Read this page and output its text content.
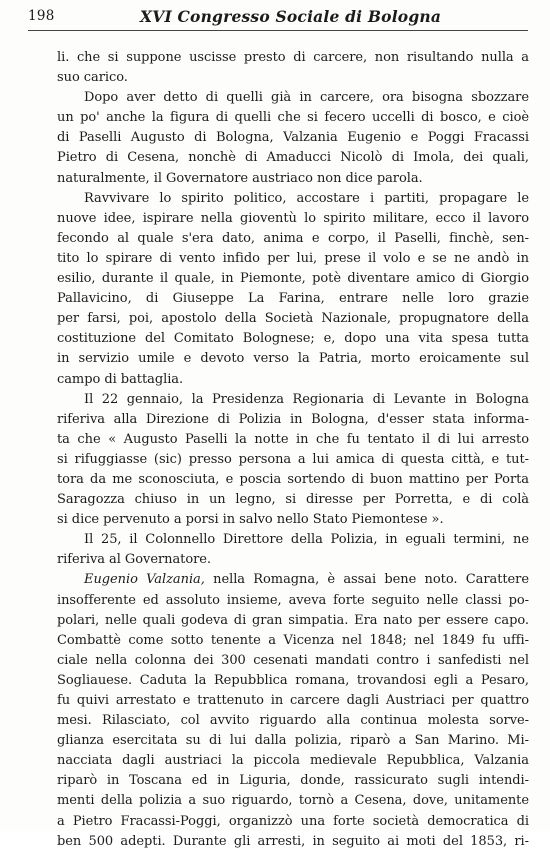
198	XVI Congresso Sociale di Bologna
li. che si suppone uscisse presto di carcere, non risultando nulla a
suo carico.
Dopo aver detto di quelli già in carcere, ora bisogna sbozzare
un po' anche la figura di quelli che si fecero uccelli di bosco, e cioè
di Paselli Augusto di Bologna, Valzania Eugenio e Poggi Fracassi
Pietro di Cesena, nonchè di Amaducci Nicolò di Imola, dei quali,
naturalmente, il Governatore austriaco non dice parola.
Ravvivare lo spirito politico, accostare i partiti, propagare le
nuove idee, ispirare nella gioventù lo spirito militare, ecco il lavoro
fecondo al quale s'era dato, anima e corpo, il Paselli, finchè, sen-
tito lo spirare di vento infido per lui, prese il volo e se ne andò in
esilio, durante il quale, in Piemonte, potè diventare amico di Giorgio
Pallavicino, di Giuseppe La Farina, entrare nelle loro grazie
per farsi, poi, apostolo della Società Nazionale, propugnatore della
costituzione del Comitato Bolognese; e, dopo una vita spesa tutta
in servizio umile e devoto verso la Patria, morto eroicamente sul
campo di battaglia.
Il 22 gennaio, la Presidenza Regionaria di Levante in Bologna
riferiva alla Direzione di Polizia in Bologna, d'esser stata informa-
ta che « Augusto Paselli la notte in che fu tentato il di lui arresto
si rifuggiasse (sic) presso persona a lui amica di questa città, e tut-
tora da me sconosciuta, e poscia sortendo di buon mattino per Porta
Saragozza chiuso in un legno, si diresse per Porretta, e di colà
si dice pervenuto a porsi in salvo nello Stato Piemontese ».
Il 25, il Colonnello Direttore della Polizia, in eguali termini, ne
riferiva al Governatore.
Eugenio Valzania, nella Romagna, è assai bene noto. Carattere
insofferente ed assoluto insieme, aveva forte seguito nelle classi po-
polari, nelle quali godeva di gran simpatia. Era nato per essere capo.
Combattè come sotto tenente a Vicenza nel 1848; nel 1849 fu uffi-
ciale nella colonna dei 300 cesenati mandati contro i sanfedisti nel
Sogliauese. Caduta la Repubblica romana, trovandosi egli a Pesaro,
fu quivi arrestato e trattenuto in carcere dagli Austriaci per quattro
mesi. Rilasciato, col avvito riguardo alla continua molesta sorve-
glianza esercitata su di lui dalla polizia, riparò a San Marino. Mi-
nacciata dagli austriaci la piccola medievale Repubblica, Valzania
riparò in Toscana ed in Liguria, donde, rassicurato sugli intendi-
menti della polizia a suo riguardo, tornò a Cesena, dove, unitamente
a Pietro Fracassi-Poggi, organizzò una forte società democratica di
ben 500 adepti. Durante gli arresti, in seguito ai moti del 1853, ri-
